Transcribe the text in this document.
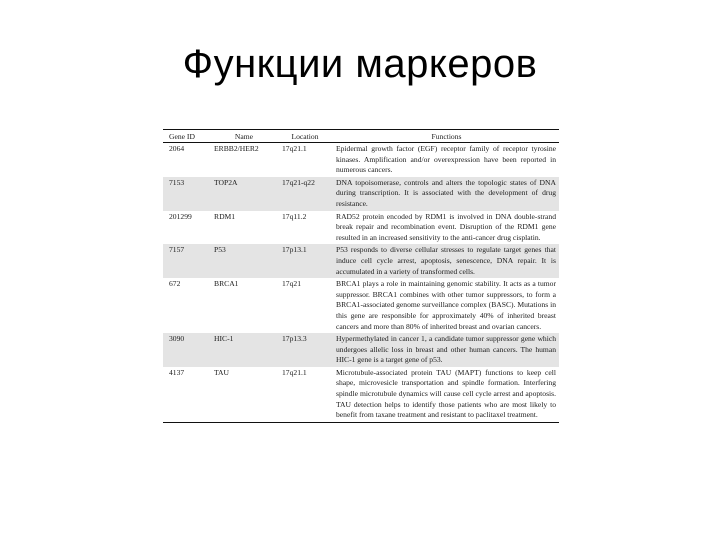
Функции маркеров
Gene ID	Name	Location	Functions
2064	ERBB2/HER2	17q21.1	Epidermal growth factor (EGF) receptor family of receptor tyrosine kinases. Amplification and/or overexpression have been reported in numerous cancers.
7153	TOP2A	17q21-q22	DNA topoisomerase, controls and alters the topologic states of DNA during transcription. It is associated with the development of drug resistance.
201299	RDM1	17q11.2	RAD52 protein encoded by RDM1 is involved in DNA double-strand break repair and recombination event. Disruption of the RDM1 gene resulted in an increased sensitivity to the anti-cancer drug cisplatin.
7157	P53	17p13.1	P53 responds to diverse cellular stresses to regulate target genes that induce cell cycle arrest, apoptosis, senescence, DNA repair. It is accumulated in a variety of transformed cells.
672	BRCA1	17q21	BRCA1 plays a role in maintaining genomic stability. It acts as a tumor suppressor. BRCA1 combines with other tumor suppressors, to form a BRCA1-associated genome surveillance complex (BASC). Mutations in this gene are responsible for approximately 40% of inherited breast cancers and more than 80% of inherited breast and ovarian cancers.
3090	HIC-1	17p13.3	Hypermethylated in cancer 1, a candidate tumor suppressor gene which undergoes allelic loss in breast and other human cancers. The human HIC-1 gene is a target gene of p53.
4137	TAU	17q21.1	Microtubule-associated protein TAU (MAPT) functions to keep cell shape, microvesicle transportation and spindle formation. Interfering spindle microtubule dynamics will cause cell cycle arrest and apoptosis. TAU detection helps to identify those patients who are most likely to benefit from taxane treatment and resistant to paclitaxel treatment.
